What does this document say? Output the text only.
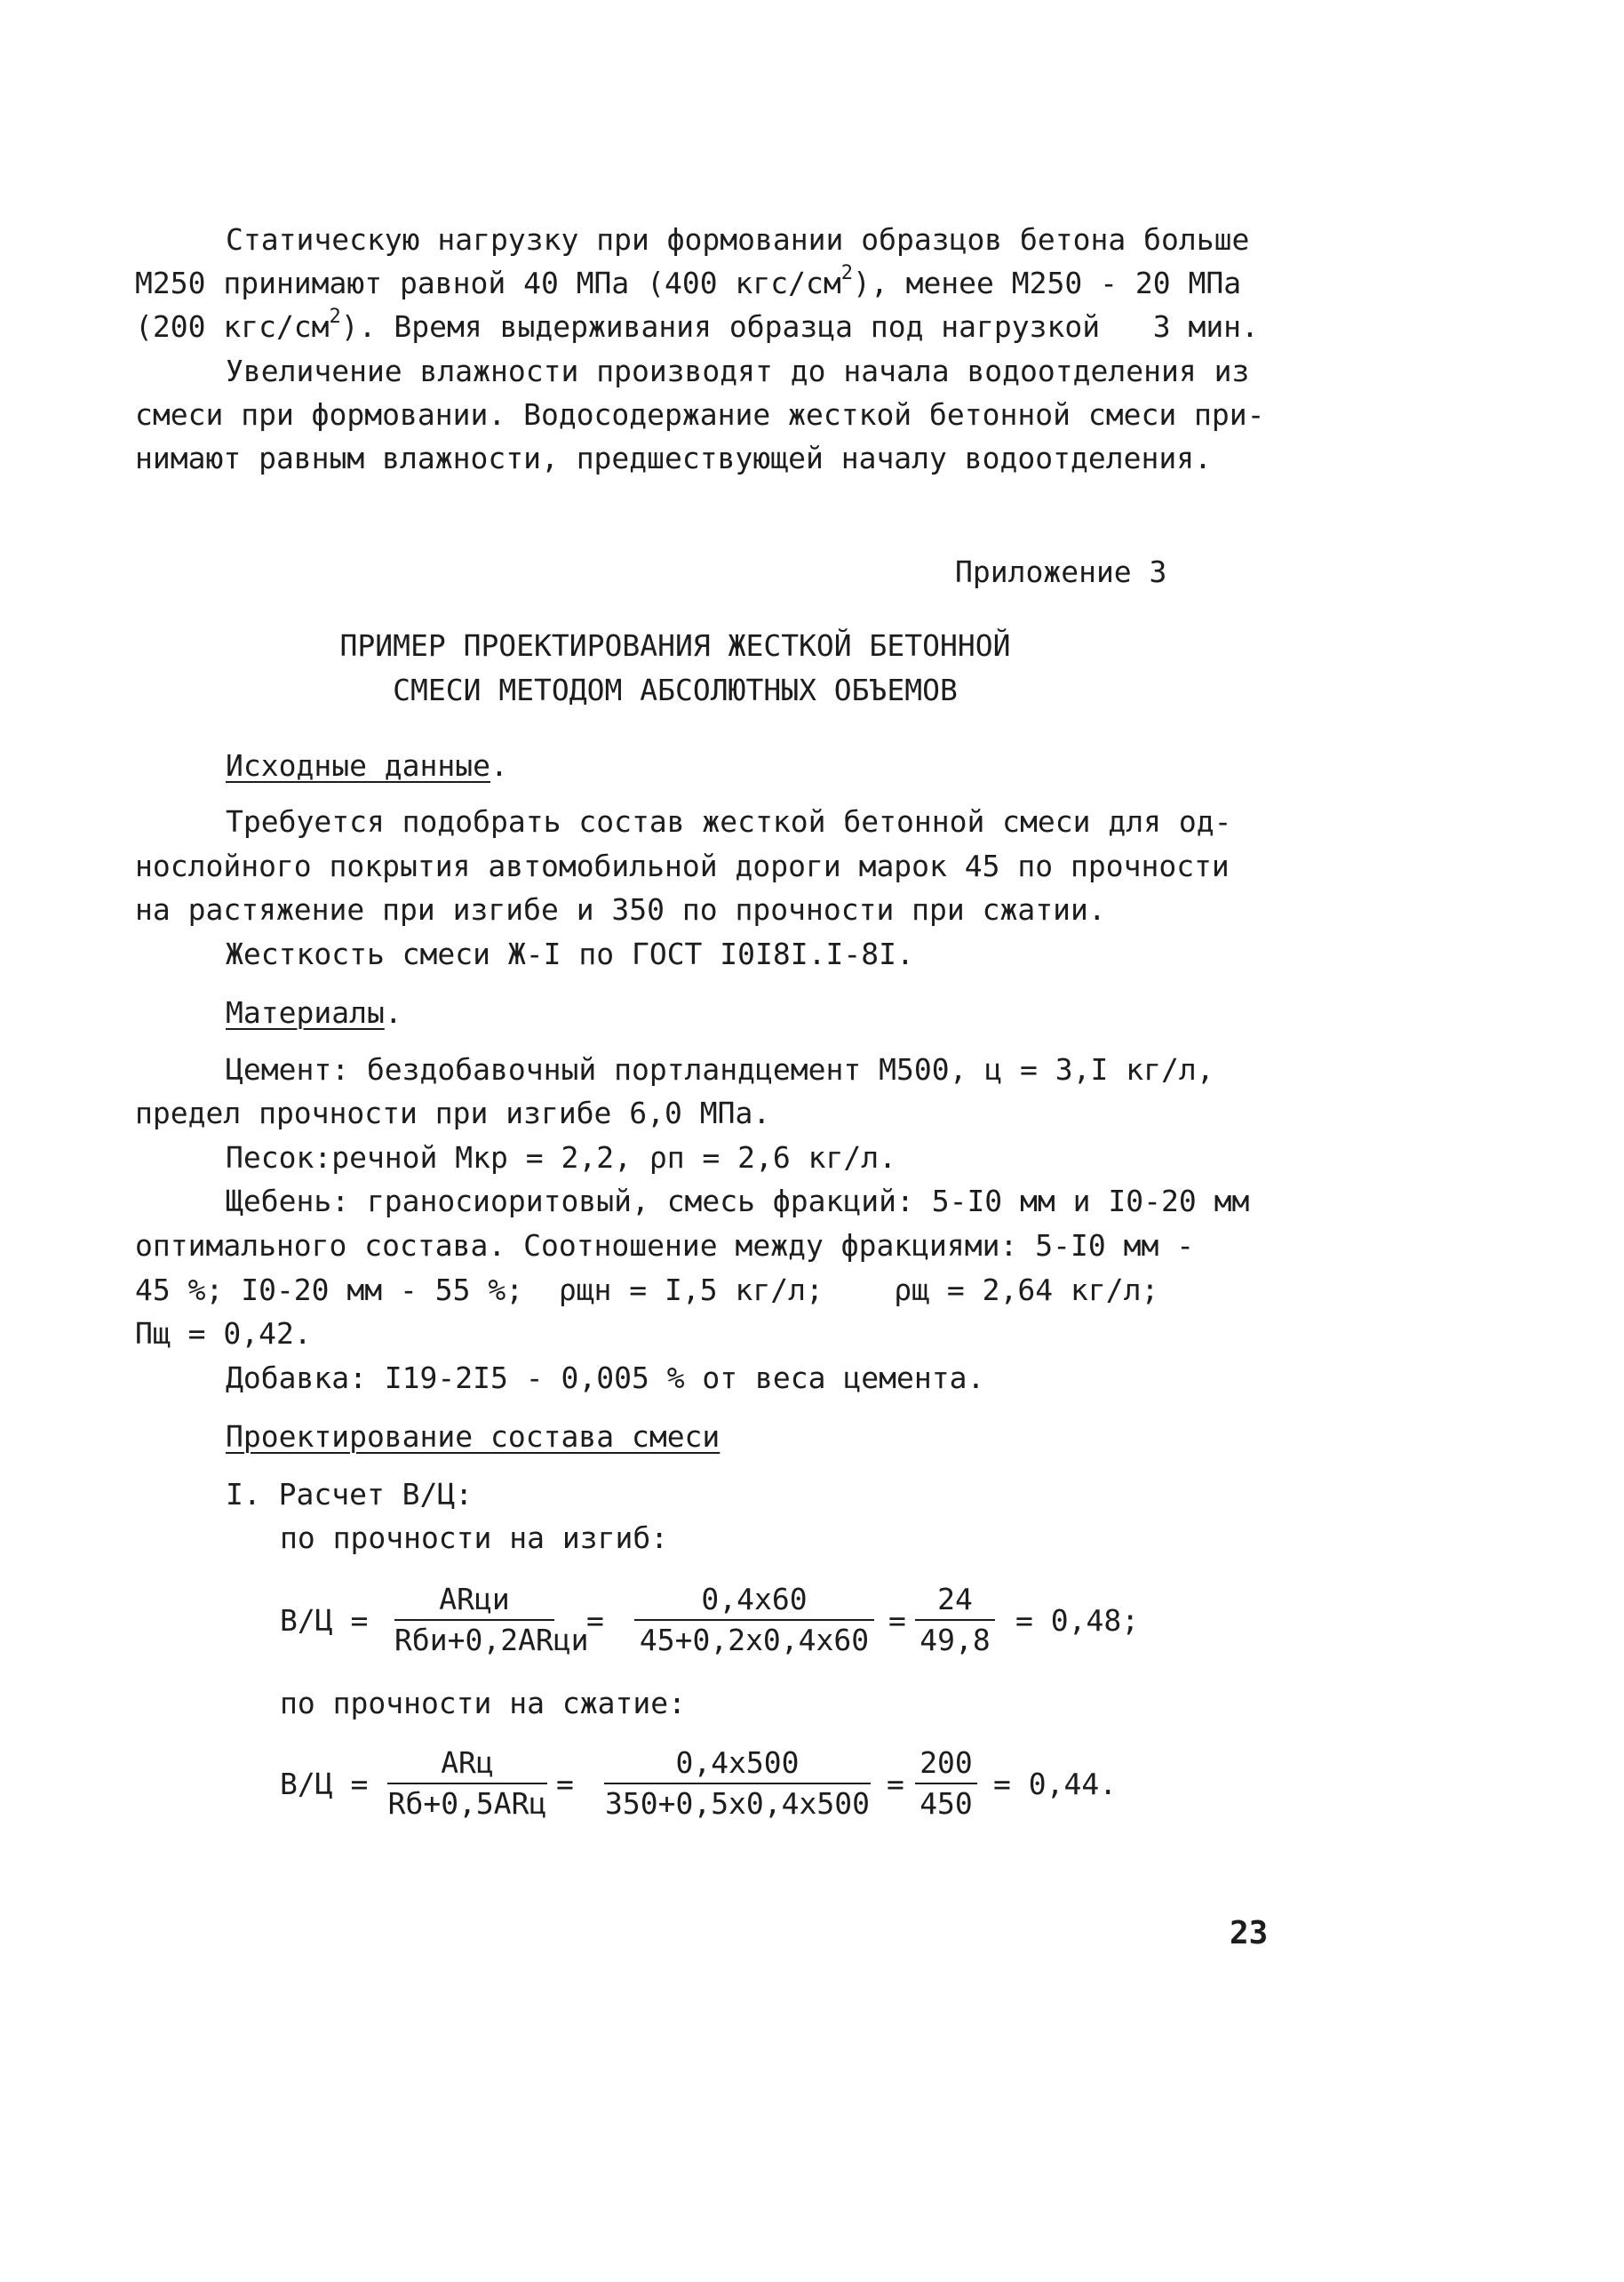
Статическую нагрузку при формовании образцов бетона больше
М250 принимают равной 40 МПа (400 кгс/$см^2$), менее М250 - 20 МПа
(200 кгс/$см^2$). Время выдерживания образца под нагрузкой   3 мин.
Увеличение влажности производят до начала водоотделения из
смеси при формовании. Водосодержание жесткой бетонной смеси при-
нимают равным влажности, предшествующей началу водоотделения.
Приложение 3
ПРИМЕР ПРОЕКТИРОВАНИЯ ЖЕСТКОЙ БЕТОННОЙ
СМЕСИ МЕТОДОМ АБСОЛЮТНЫХ ОБЪЕМОВ
Исходные данные.
Требуется подобрать состав жесткой бетонной смеси для од-
нослойного покрытия автомобильной дороги марок 45 по прочности
на растяжение при изгибе и 350 по прочности при сжатии.
Жесткость смеси Ж-I по ГОСТ I0I8I.I-8I.
Материалы.
Цемент: бездобавочный портландцемент М500, ц = 3,I кг/л,
предел прочности при изгибе 6,0 МПа.
Песок:речной Мкр = 2,2, ρп = 2,6 кг/л.
Щебень: граносиоритовый, смесь фракций: 5-I0 мм и I0-20 мм
оптимального состава. Соотношение между фракциями: 5-I0 мм -
45 %; I0-20 мм - 55 %;  ρщн = I,5 кг/л;    ρщ = 2,64 кг/л;
Пщ = 0,42.
Добавка: I19-2I5 - 0,005 % от веса цемента.
Проектирование состава смеси
I. Расчет В/Ц:
по прочности на изгиб:
В/Ц =
ARци
Rби+0,2ARци
=
0,4х60
45+0,2х0,4х60
=
24
49,8
= 0,48;
по прочности на сжатие:
В/Ц =
ARц
Rб+0,5ARц
=
0,4х500
350+0,5х0,4х500
=
200
450
= 0,44.
23
